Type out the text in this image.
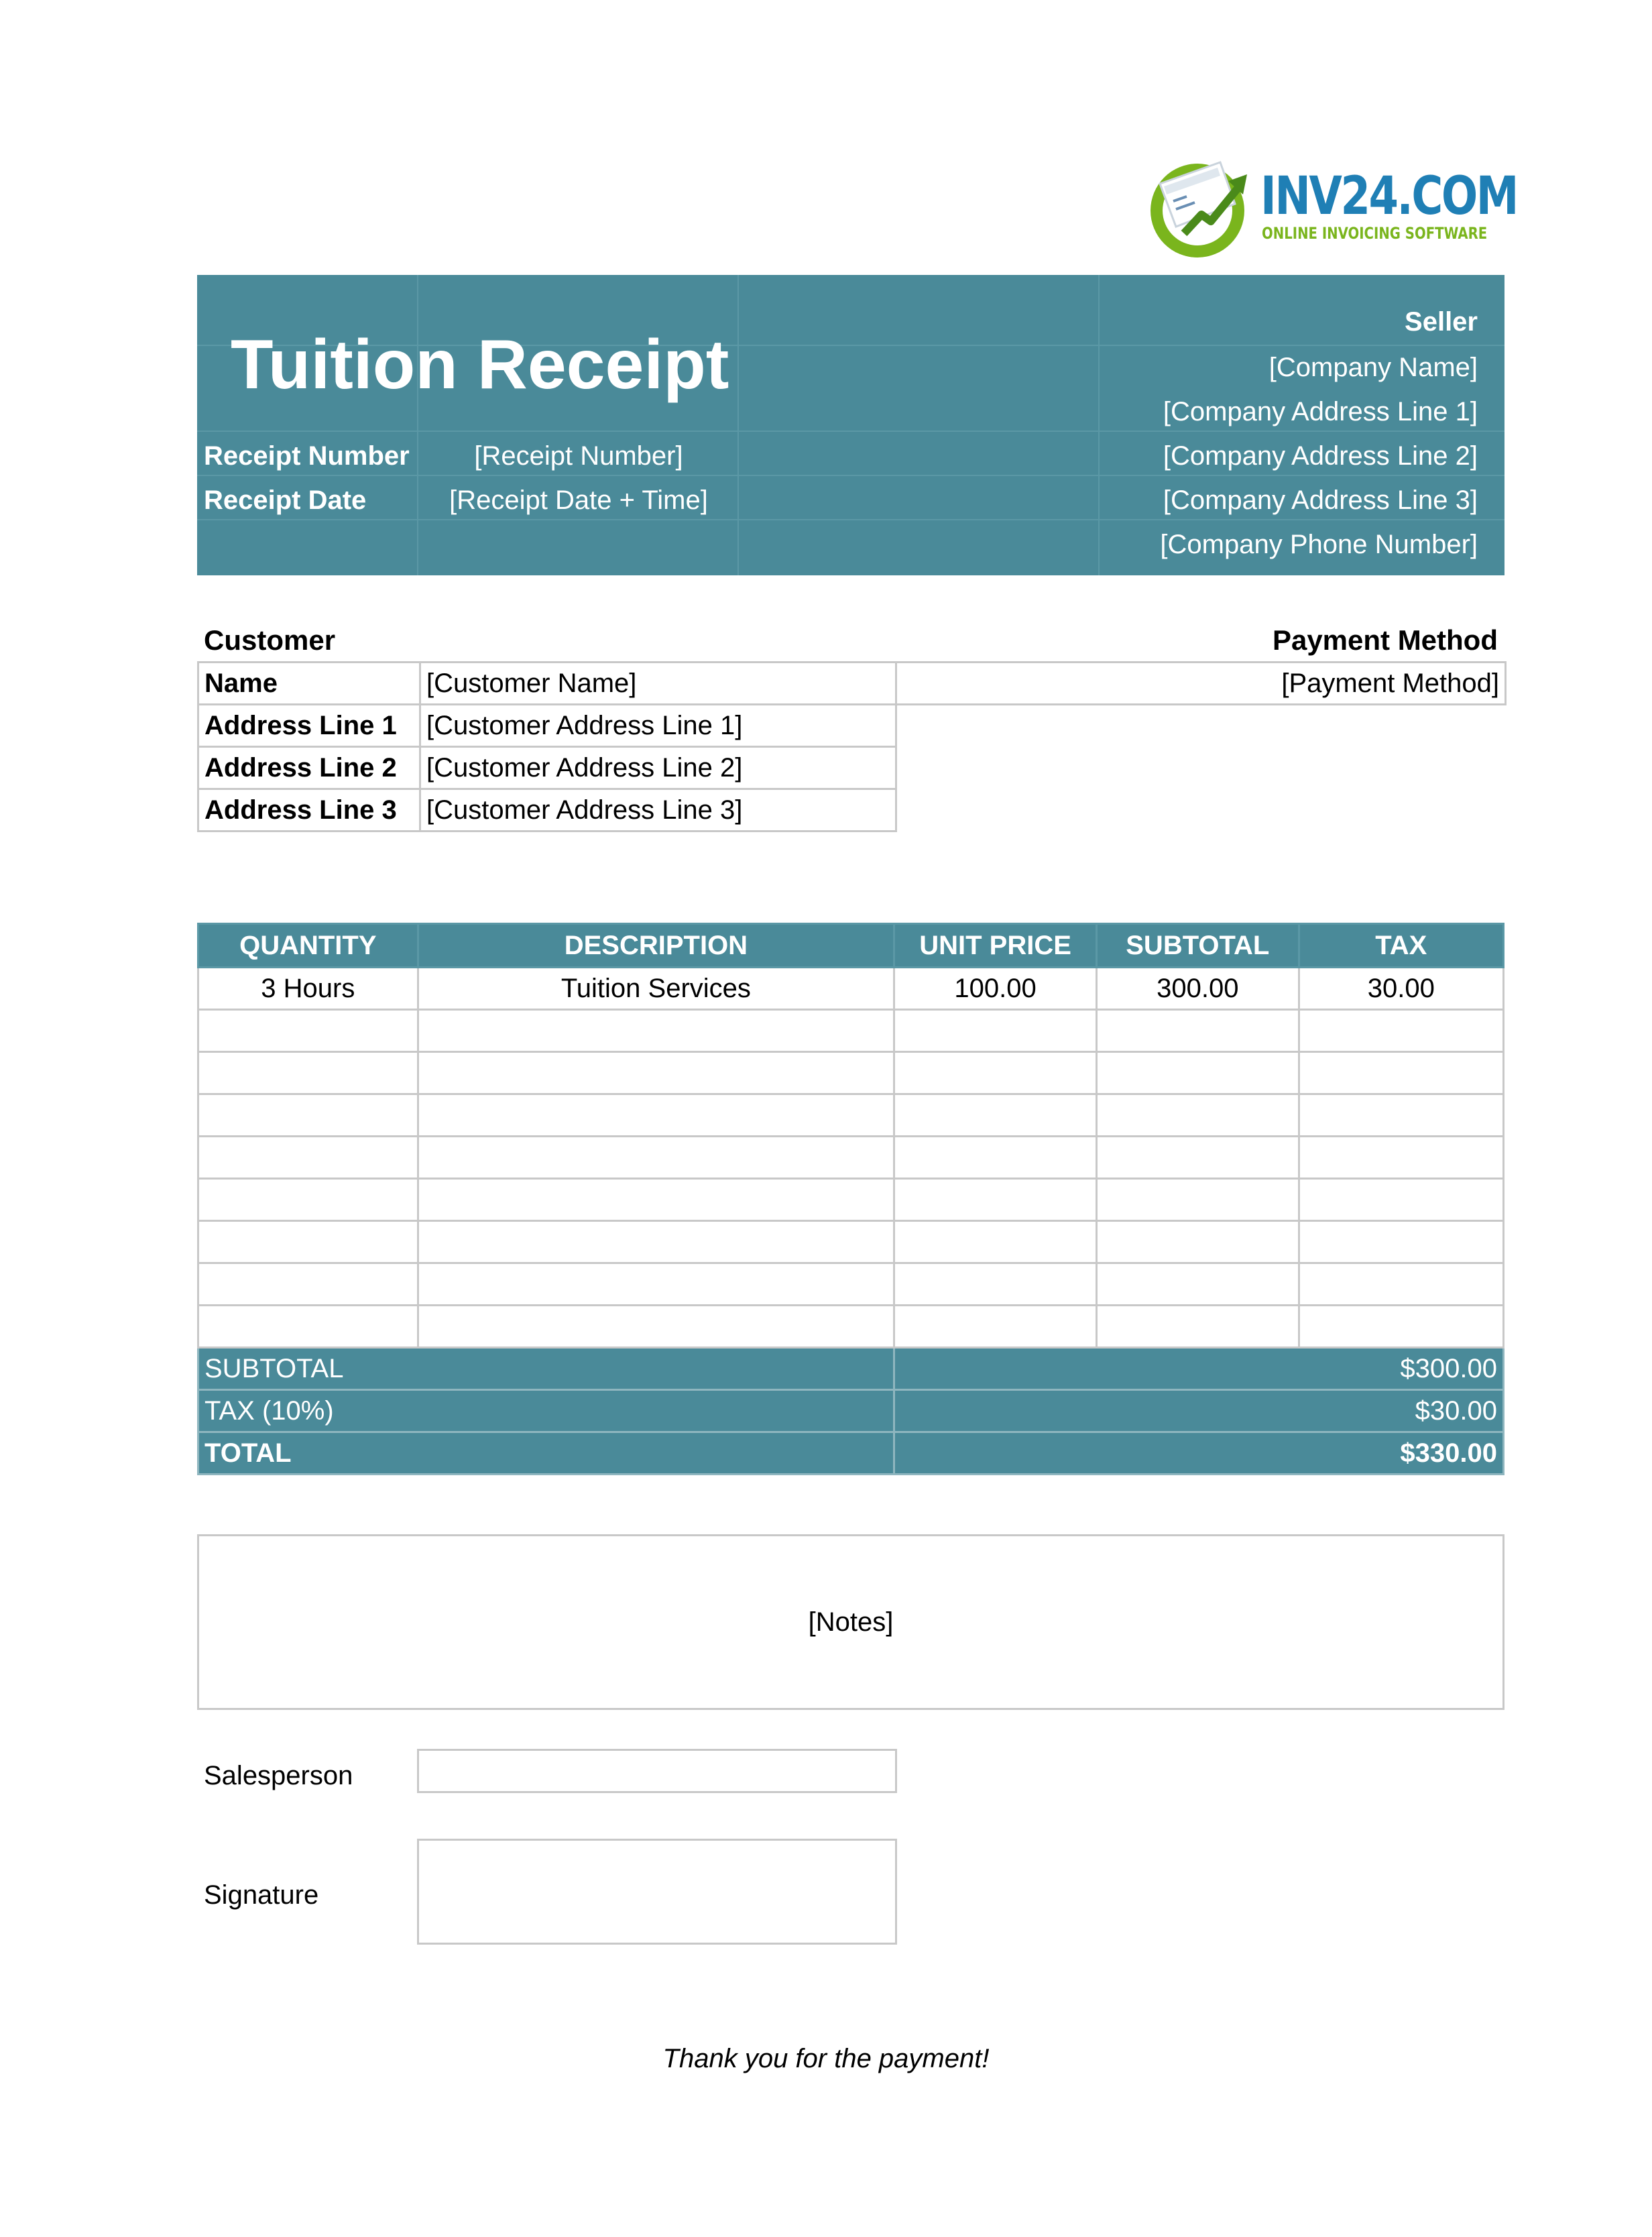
INV24.COM
ONLINE INVOICING SOFTWARE
Tuition Receipt
Receipt Number	[Receipt Number]
Receipt Date	[Receipt Date + Time]
Seller
[Company Name]
[Company Address Line 1]
[Company Address Line 2]
[Company Address Line 3]
[Company Phone Number]
Customer	Payment Method
Name	[Customer Name]
Address Line 1	[Customer Address Line 1]
Address Line 2	[Customer Address Line 2]
Address Line 3	[Customer Address Line 3]
[Payment Method]
QUANTITY	DESCRIPTION	UNIT PRICE	SUBTOTAL	TAX
3 Hours	Tuition Services	100.00	300.00	30.00

SUBTOTAL		$300.00		
TAX (10%)		$30.00		
TOTAL		$330.00		
[Notes]
Salesperson
Signature
Thank you for the payment!
